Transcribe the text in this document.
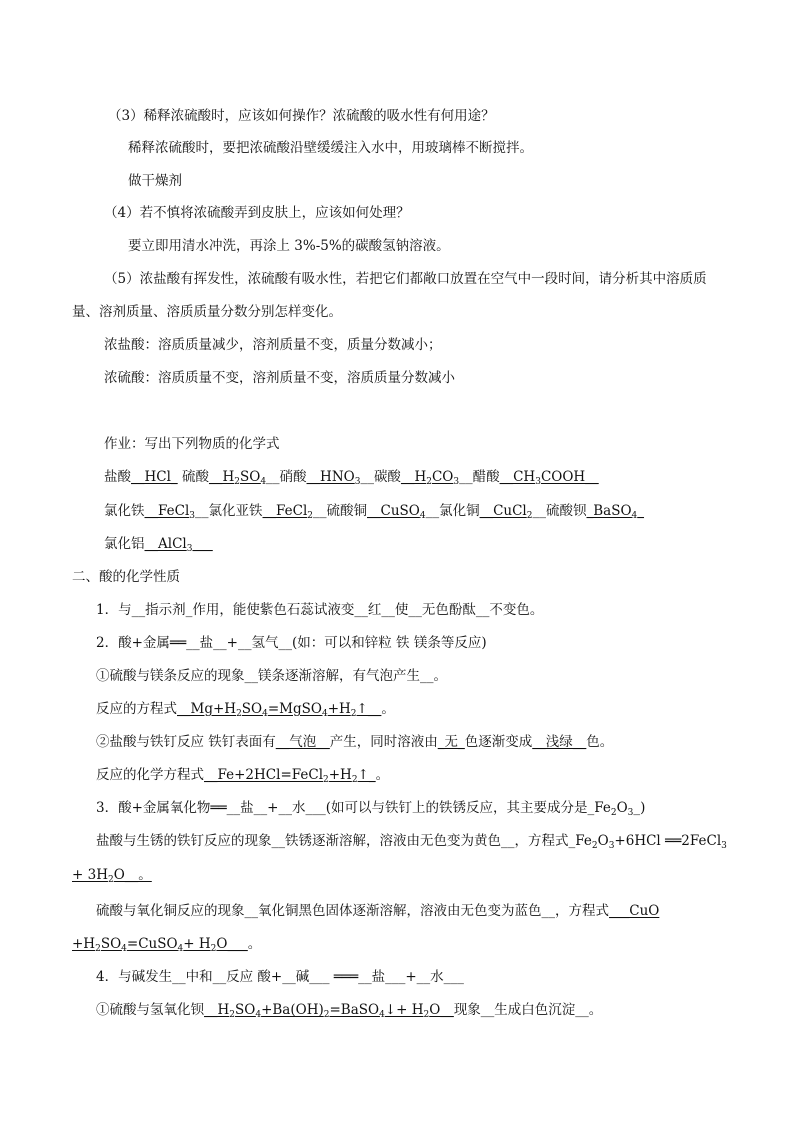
（3）稀释浓硫酸时，应该如何操作？浓硫酸的吸水性有何用途？
稀释浓硫酸时，要把浓硫酸沿壁缓缓注入水中，用玻璃棒不断搅拌。
做干燥剂
（4）若不慎将浓硫酸弄到皮肤上，应该如何处理？
要立即用清水冲洗，再涂上 3%-5%的碳酸氢钠溶液。
（5）浓盐酸有挥发性，浓硫酸有吸水性，若把它们都敞口放置在空气中一段时间，请分析其中溶质质
量、溶剂质量、溶质质量分数分别怎样变化。
浓盐酸：溶质质量减少，溶剂质量不变，质量分数减小；
浓硫酸：溶质质量不变，溶剂质量不变，溶质质量分数减小
作业：写出下列物质的化学式
盐酸__HCl_ 硫酸$\_\_H_2SO_4\_\_$硝酸$\_\_HNO_3\_\_$碳酸$\_\_H_2CO_3\_\_$醋酸$\_\_CH_3COOH\_\_$
氯化铁__FeCl$_3$__氯化亚铁__FeCl$_2$__硫酸铜__CuSO$_4$__氯化铜__CuCl$_2$__硫酸钡_BaSO$_4$_
氯化铝__AlCl$_3$___
二、酸的化学性质
1．与__指示剂_作用，能使紫色石蕊试液变__红__使__无色酚酞__不变色。
2．酸+金属══__盐__+__氢气__(如：可以和锌粒 铁 镁条等反应)
①硫酸与镁条反应的现象__镁条逐渐溶解，有气泡产生__。
反应的方程式$\_\_Mg+H_2SO_4=MgSO_4+H_2↑\_\_$。
②盐酸与铁钉反应 铁钉表面有__气泡__产生，同时溶液由_无_色逐渐变成__浅绿__色。
反应的化学方程式$\_\_Fe+2HCl=FeCl_2+H_2↑\_$。
3．酸+金属氧化物══__盐__+__水___(如可以与铁钉上的铁锈反应，其主要成分是$\_Fe_2O_3\_$)
盐酸与生锈的铁钉反应的现象__铁锈逐渐溶解，溶液由无色变为黄色__，方程式$\_Fe_2O_3+6HCl$ ══2FeCl$_3$
+ $3H_2O\_\_$。
硫酸与氧化铜反应的现象__氧化铜黑色固体逐渐溶解，溶液由无色变为蓝色__，方程式___CuO
$+H_2SO_4=CuSO_4+$ $H_2O\_\_\_$。
4．与碱发生__中和__反应 酸+__碱___ ═══__盐___+__水___
①硫酸与氢氧化钡$\_\_H_2SO_4+Ba(OH)_2=BaSO_4↓+$ $H_2O\_\_$现象__生成白色沉淀__。
